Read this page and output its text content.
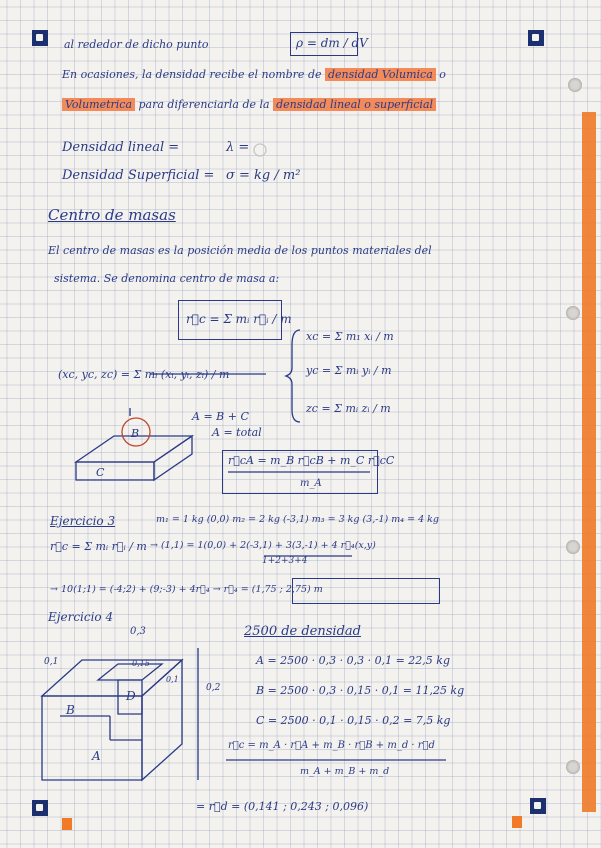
al rededor de dicho punto	ρ = dm / dV
En ocasiones, la densidad recibe el nombre de densidad Volumica o
Volumetrica para diferenciarla de la densidad lineal o superficial
Densidad lineal =	λ =
Densidad Superficial = σ = kg / m²
Centro de masas
El centro de masas es la posición media de los puntos materiales del
sistema. Se denomina centro de masa a:
r⃗c = Σ mᵢ r⃗ᵢ / m
(xc, yc, zc) = Σ mᵢ (xᵢ, yᵢ, zᵢ) / m
xc = Σ m₁ xᵢ / m
yc = Σ mᵢ yᵢ / m
zc = Σ mᵢ zᵢ / m
A = B + C
A = total
r⃗cA = m_B r⃗cB + m_C r⃗cC
m_A
Ejercicio 3	m₁ = 1 kg (0,0) m₂ = 2 kg (-3,1) m₃ = 3 kg (3,-1) m₄ = 4 kg
r⃗c = Σ mᵢ r⃗ᵢ / m → (1,1) = 1(0,0) + 2(-3,1) + 3(3,-1) + 4 r⃗₄(x,y)
1+2+3+4
→ 10(1;1) = (-4;2) + (9;-3) + 4r⃗₄ → r⃗₄ = (1,75 ; 2,75) m
Ejercicio 4
2500 de densidad
A = 2500 · 0,3 · 0,3 · 0,1 = 22,5 kg
B = 2500 · 0,3 · 0,15 · 0,1 = 11,25 kg
C = 2500 · 0,1 · 0,15 · 0,2 = 7,5 kg
r⃗c = m_A · r⃗A + m_B · r⃗B + m_d · r⃗d
m_A + m_B + m_d
= r⃗d = (0,141 ; 0,243 ; 0,096)
B
C
0,3
0,1	0,15
0,1
0,2
D
B
A
